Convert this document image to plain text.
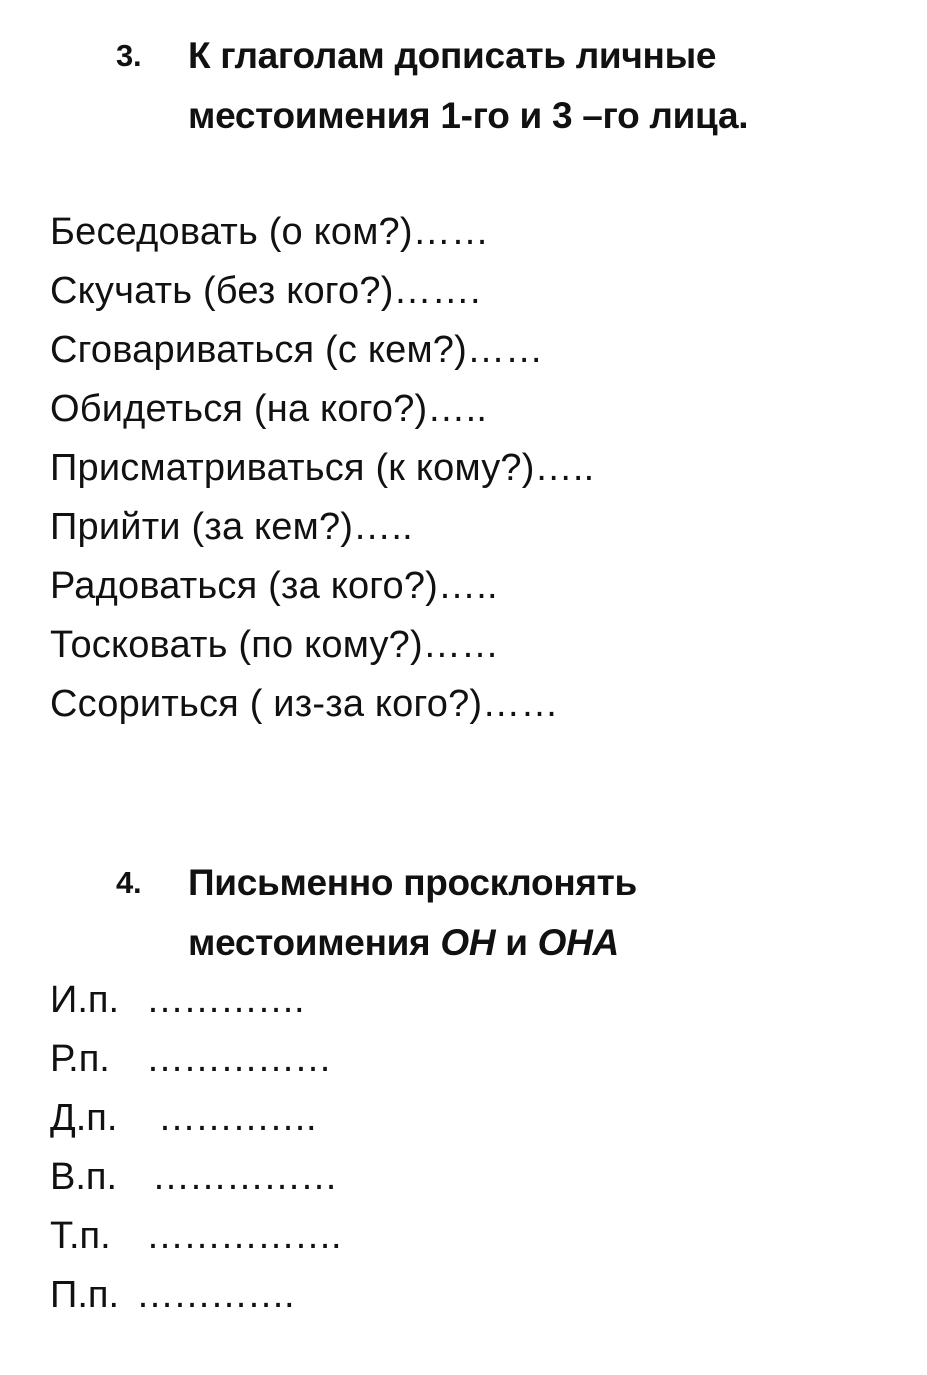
3. К глаголам дописать личные
местоимения 1-го и 3 –го лица.
Беседовать (о ком?)……
Скучать (без кого?)…….
Сговариваться (с кем?)……
Обидеться (на кого?)…..
Присматриваться (к кому?)…..
Прийти (за кем?)…..
Радоваться (за кого?)…..
Тосковать (по кому?)……
Ссориться ( из-за кого?)……
4. Письменно просклонять
местоимения ОН и ОНА
И.п. ………….
Р.п. ……………
Д.п. ………….
В.п. ……………
Т.п. …………….
П.п. ………….
